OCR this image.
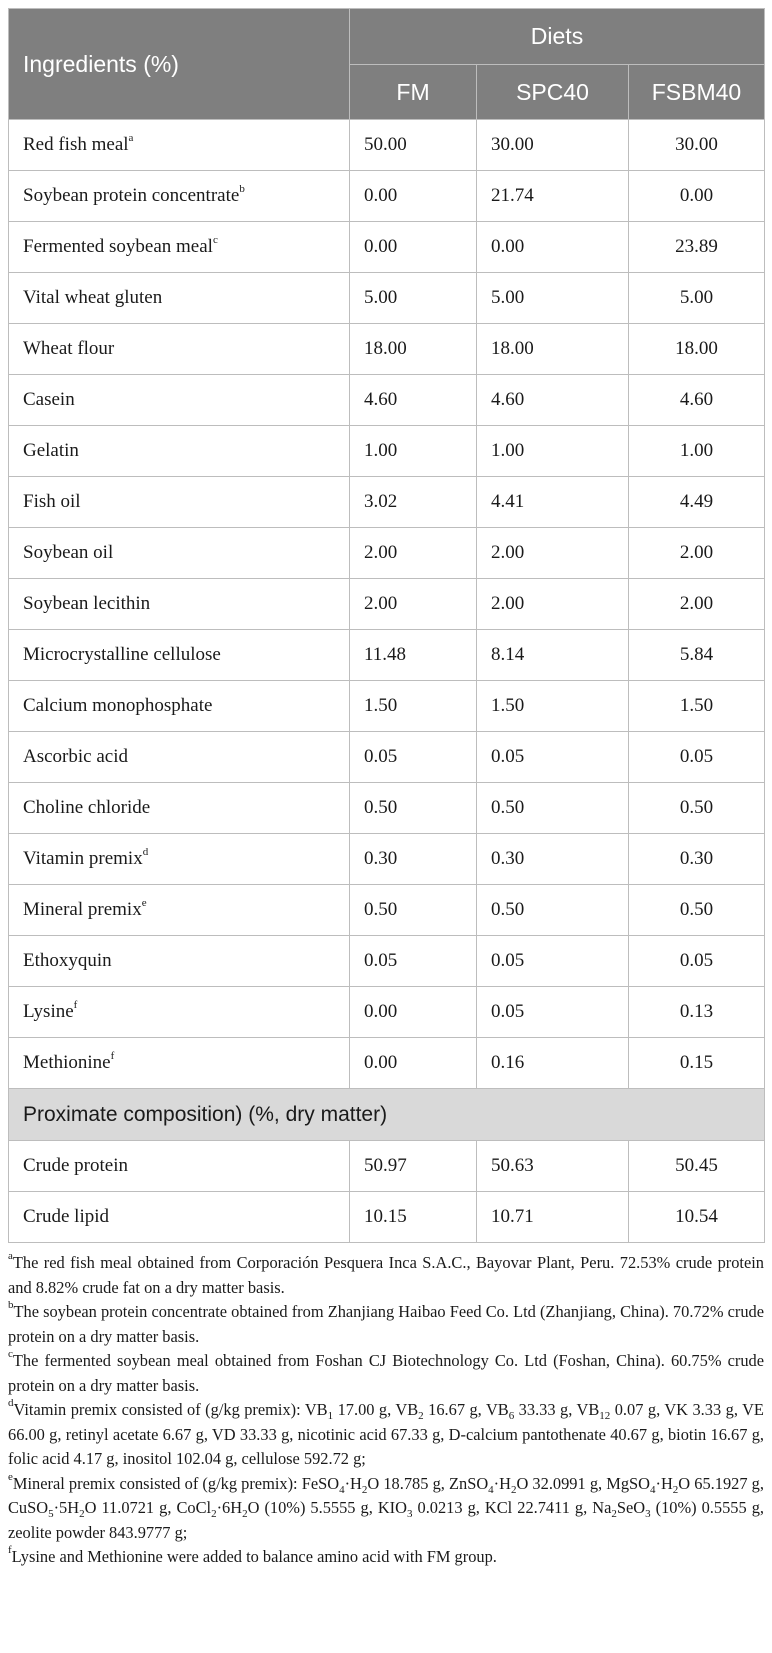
Ingredients (%)	Diets		
	FM	SPC40	FSBM40
Red fish meal$^a$	50.00	30.00	30.00
Soybean protein concentrate$^b$	0.00	21.74	0.00
Fermented soybean meal$^c$	0.00	0.00	23.89
Vital wheat gluten	5.00	5.00	5.00
Wheat flour	18.00	18.00	18.00
Casein	4.60	4.60	4.60
Gelatin	1.00	1.00	1.00
Fish oil	3.02	4.41	4.49
Soybean oil	2.00	2.00	2.00
Soybean lecithin	2.00	2.00	2.00
Microcrystalline cellulose	11.48	8.14	5.84
Calcium monophosphate	1.50	1.50	1.50
Ascorbic acid	0.05	0.05	0.05
Choline chloride	0.50	0.50	0.50
Vitamin premix$^d$	0.30	0.30	0.30
Mineral premix$^e$	0.50	0.50	0.50
Ethoxyquin	0.05	0.05	0.05
Lysine$^f$	0.00	0.05	0.13
Methionine$^f$	0.00	0.16	0.15
Proximate composition) (%, dry matter)			
Crude protein	50.97	50.63	50.45
Crude lipid	10.15	10.71	10.54

$^a$The red fish meal obtained from Corporación Pesquera Inca S.A.C., Bayovar Plant, Peru. 72.53% crude protein and 8.82% crude fat on a dry matter basis.

$^b$The soybean protein concentrate obtained from Zhanjiang Haibao Feed Co. Ltd (Zhanjiang, China). 70.72% crude protein on a dry matter basis.

$^c$The fermented soybean meal obtained from Foshan CJ Biotechnology Co. Ltd (Foshan, China). 60.75% crude protein on a dry matter basis.

$^d$Vitamin premix consisted of (g/kg premix): $VB_1$ 17.00 g, $VB_2$ 16.67 g, $VB_6$ 33.33 g, $VB_{12}$ 0.07 g, VK 3.33 g, VE 66.00 g, retinyl acetate 6.67 g, VD 33.33 g, nicotinic acid 67.33 g, D-calcium pantothenate 40.67 g, biotin 16.67 g, folic acid 4.17 g, inositol 102.04 g, cellulose 592.72 g;

$^e$Mineral premix consisted of (g/kg premix): $FeSO_4\cdot H_2O$ 18.785 g, $ZnSO_4\cdot H_2O$ 32.0991 g, $MgSO_4\cdot H_2O$ 65.1927 g, $CuSO_5\cdot 5H_2O$ 11.0721 g, $CoCl_2\cdot 6H_2O$ (10%) 5.5555 g, $KIO_3$ 0.0213 g, KCl 22.7411 g, $Na_2SeO_3$ (10%) 0.5555 g, zeolite powder 843.9777 g;

$^f$Lysine and Methionine were added to balance amino acid with FM group.
